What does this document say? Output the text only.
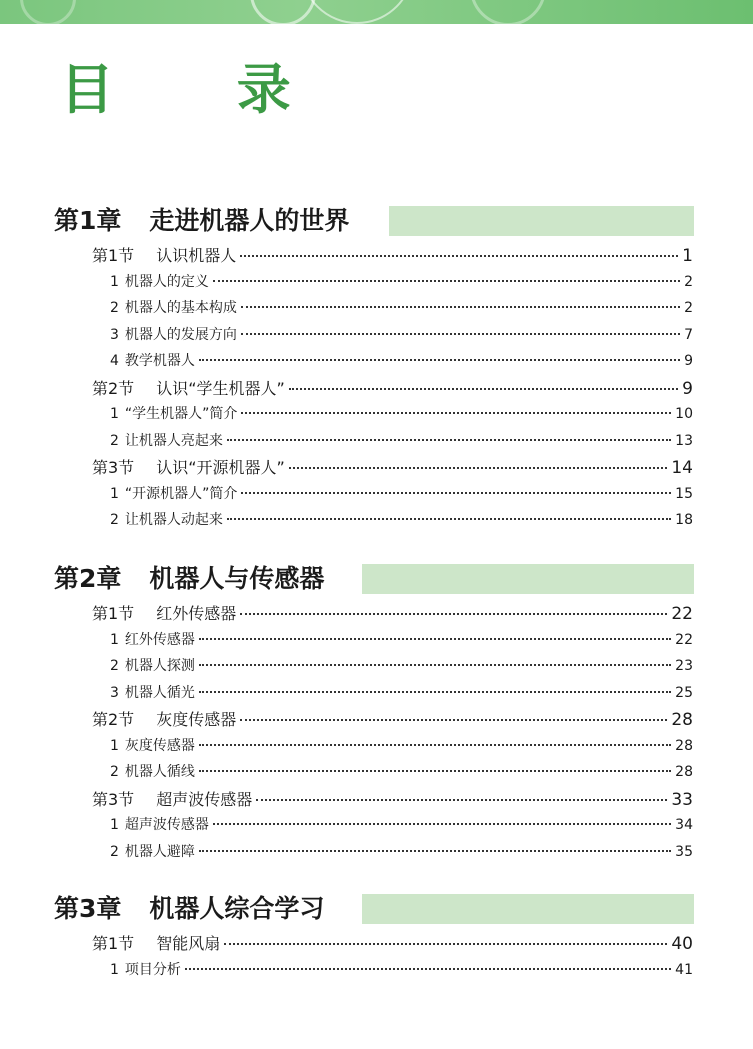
目 录
第1章 走进机器人的世界
第1节 认识机器人	1
1 机器人的定义	2
2 机器人的基本构成	2
3 机器人的发展方向	7
4 教学机器人	9
第2节 认识“学生机器人”	9
1 “学生机器人”简介	10
2 让机器人亮起来	13
第3节 认识“开源机器人”	14
1 “开源机器人”简介	15
2 让机器人动起来	18
第2章 机器人与传感器
第1节 红外传感器	22
1 红外传感器	22
2 机器人探测	23
3 机器人循光	25
第2节 灰度传感器	28
1 灰度传感器	28
2 机器人循线	28
第3节 超声波传感器	33
1 超声波传感器	34
2 机器人避障	35
第3章 机器人综合学习
第1节 智能风扇	40
1 项目分析	41
